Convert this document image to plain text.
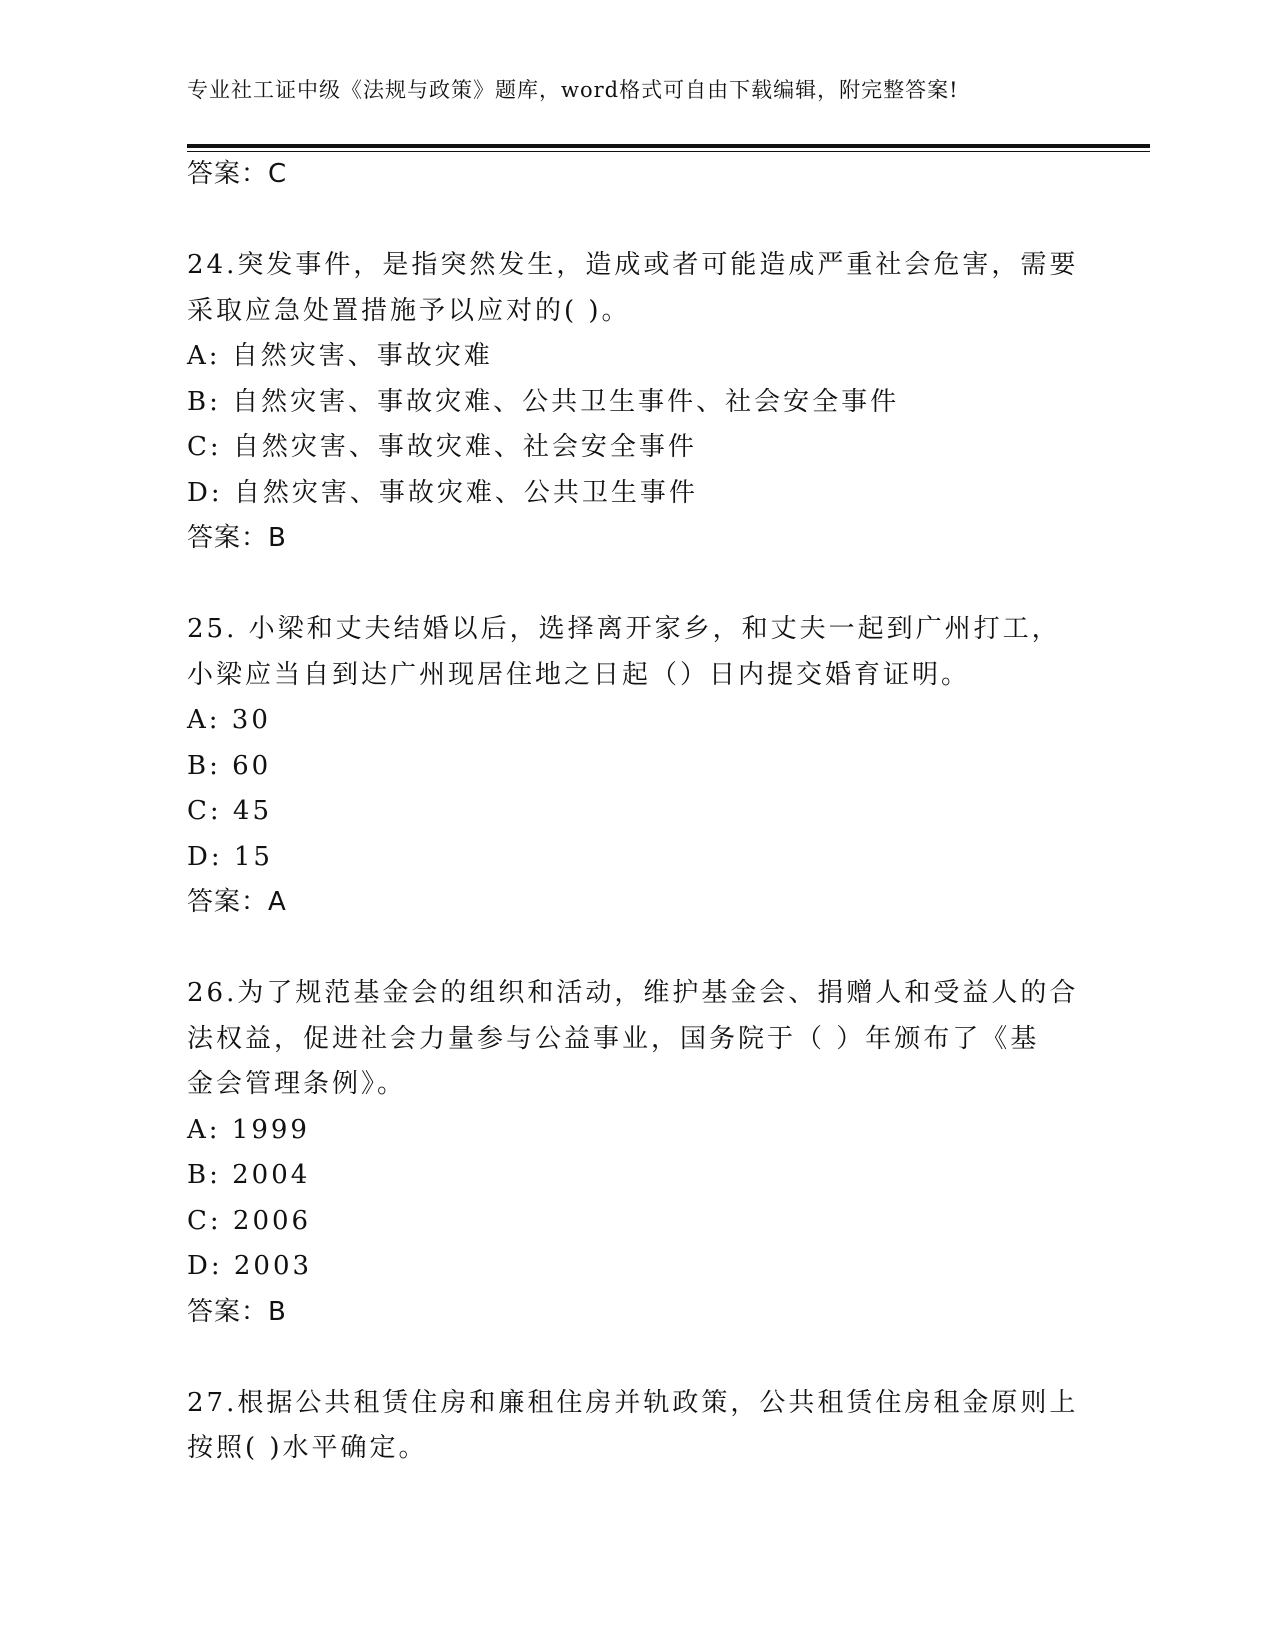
专业社工证中级《法规与政策》题库，word格式可自由下载编辑，附完整答案!
答案：C
24.突发事件，是指突然发生，造成或者可能造成严重社会危害，需要
采取应急处置措施予以应对的( )。
A: 自然灾害、事故灾难
B: 自然灾害、事故灾难、公共卫生事件、社会安全事件
C: 自然灾害、事故灾难、社会安全事件
D: 自然灾害、事故灾难、公共卫生事件
答案：B
25. 小梁和丈夫结婚以后，选择离开家乡，和丈夫一起到广州打工，
小梁应当自到达广州现居住地之日起（）日内提交婚育证明。
A: 30
B: 60
C: 45
D: 15
答案：A
26.为了规范基金会的组织和活动，维护基金会、捐赠人和受益人的合
法权益，促进社会力量参与公益事业，国务院于（ ）年颁布了《基
金会管理条例》。
A: 1999
B: 2004
C: 2006
D: 2003
答案：B
27.根据公共租赁住房和廉租住房并轨政策，公共租赁住房租金原则上
按照( )水平确定。
